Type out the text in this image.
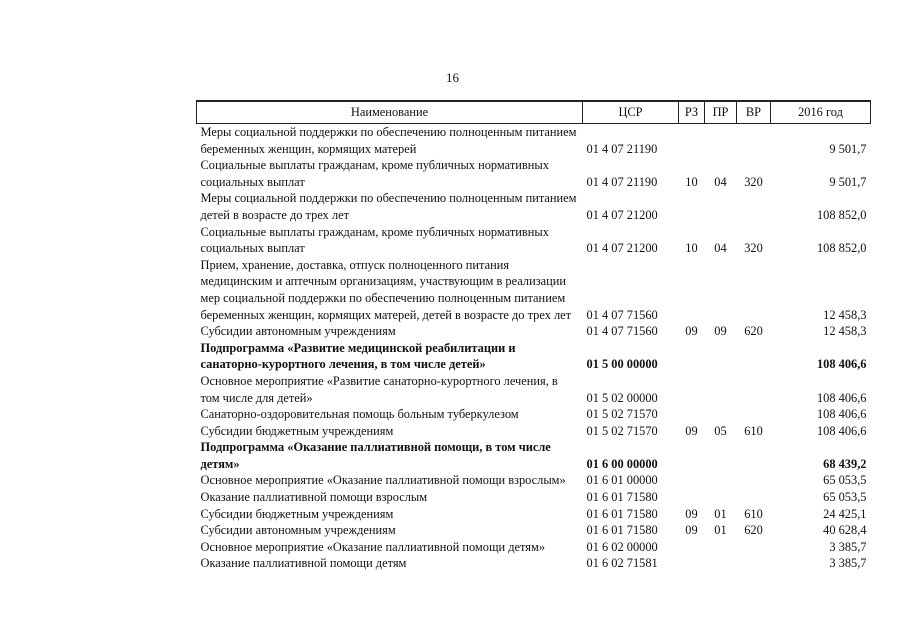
16
Наименование	ЦСР	РЗ	ПР	ВР	2016 год
Меры социальной поддержки по обеспечению полноценным питанием беременных женщин, кормящих матерей	01 4 07 21190				9 501,7
Социальные выплаты гражданам, кроме публичных нормативных социальных выплат	01 4 07 21190	10	04	320	9 501,7
Меры социальной поддержки по обеспечению полноценным питанием детей в возрасте до трех лет	01 4 07 21200				108 852,0
Социальные выплаты гражданам, кроме публичных нормативных социальных выплат	01 4 07 21200	10	04	320	108 852,0
Прием, хранение, доставка, отпуск полноценного питания медицинским и аптечным организациям, участвующим в реализации мер социальной поддержки по обеспечению полноценным питанием беременных женщин, кормящих матерей, детей в возрасте до трех лет	01 4 07 71560				12 458,3
Субсидии автономным учреждениям	01 4 07 71560	09	09	620	12 458,3
Подпрограмма «Развитие медицинской реабилитации и санаторно-курортного лечения, в том числе детей»	01 5 00 00000				108 406,6
Основное мероприятие «Развитие санаторно-курортного лечения, в том числе для детей»	01 5 02 00000				108 406,6
Санаторно-оздоровительная помощь больным туберкулезом	01 5 02 71570				108 406,6
Субсидии бюджетным учреждениям	01 5 02 71570	09	05	610	108 406,6
Подпрограмма «Оказание паллиативной помощи, в том числе детям»	01 6 00 00000				68 439,2
Основное мероприятие «Оказание паллиативной помощи взрослым»	01 6 01 00000				65 053,5
Оказание паллиативной помощи взрослым	01 6 01 71580				65 053,5
Субсидии бюджетным учреждениям	01 6 01 71580	09	01	610	24 425,1
Субсидии автономным учреждениям	01 6 01 71580	09	01	620	40 628,4
Основное мероприятие «Оказание паллиативной помощи детям»	01 6 02 00000				3 385,7
Оказание паллиативной помощи детям	01 6 02 71581				3 385,7
